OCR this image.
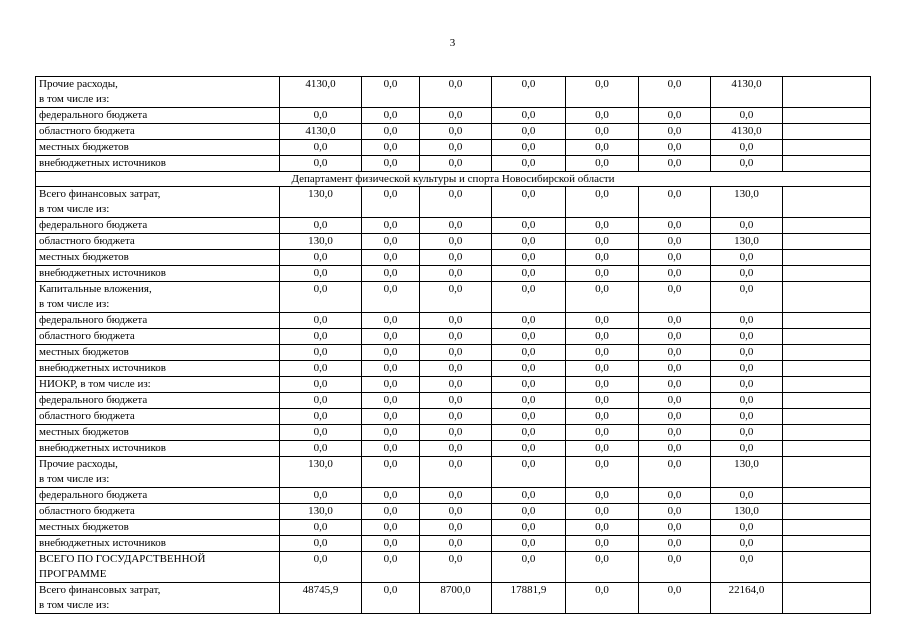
3
Прочие расходы,
в том числе из:	4130,0	0,0	0,0	0,0	0,0	0,0	4130,0	
федерального бюджета	0,0	0,0	0,0	0,0	0,0	0,0	0,0	
областного бюджета	4130,0	0,0	0,0	0,0	0,0	0,0	4130,0	
местных бюджетов	0,0	0,0	0,0	0,0	0,0	0,0	0,0	
внебюджетных источников	0,0	0,0	0,0	0,0	0,0	0,0	0,0	
Департамент физической культуры и спорта Новосибирской области								
Всего финансовых затрат,
в том числе из:	130,0	0,0	0,0	0,0	0,0	0,0	130,0	
федерального бюджета	0,0	0,0	0,0	0,0	0,0	0,0	0,0	
областного бюджета	130,0	0,0	0,0	0,0	0,0	0,0	130,0	
местных бюджетов	0,0	0,0	0,0	0,0	0,0	0,0	0,0	
внебюджетных источников	0,0	0,0	0,0	0,0	0,0	0,0	0,0	
Капитальные вложения,
в том числе из:	0,0	0,0	0,0	0,0	0,0	0,0	0,0	
федерального бюджета	0,0	0,0	0,0	0,0	0,0	0,0	0,0	
областного бюджета	0,0	0,0	0,0	0,0	0,0	0,0	0,0	
местных бюджетов	0,0	0,0	0,0	0,0	0,0	0,0	0,0	
внебюджетных источников	0,0	0,0	0,0	0,0	0,0	0,0	0,0	
НИОКР, в том числе из:	0,0	0,0	0,0	0,0	0,0	0,0	0,0	
федерального бюджета	0,0	0,0	0,0	0,0	0,0	0,0	0,0	
областного бюджета	0,0	0,0	0,0	0,0	0,0	0,0	0,0	
местных бюджетов	0,0	0,0	0,0	0,0	0,0	0,0	0,0	
внебюджетных источников	0,0	0,0	0,0	0,0	0,0	0,0	0,0	
Прочие расходы,
в том числе из:	130,0	0,0	0,0	0,0	0,0	0,0	130,0	
федерального бюджета	0,0	0,0	0,0	0,0	0,0	0,0	0,0	
областного бюджета	130,0	0,0	0,0	0,0	0,0	0,0	130,0	
местных бюджетов	0,0	0,0	0,0	0,0	0,0	0,0	0,0	
внебюджетных источников	0,0	0,0	0,0	0,0	0,0	0,0	0,0	
ВСЕГО ПО ГОСУДАРСТВЕННОЙ
ПРОГРАММЕ	0,0	0,0	0,0	0,0	0,0	0,0	0,0	
Всего финансовых затрат,
в том числе из:	48745,9	0,0	8700,0	17881,9	0,0	0,0	22164,0	
